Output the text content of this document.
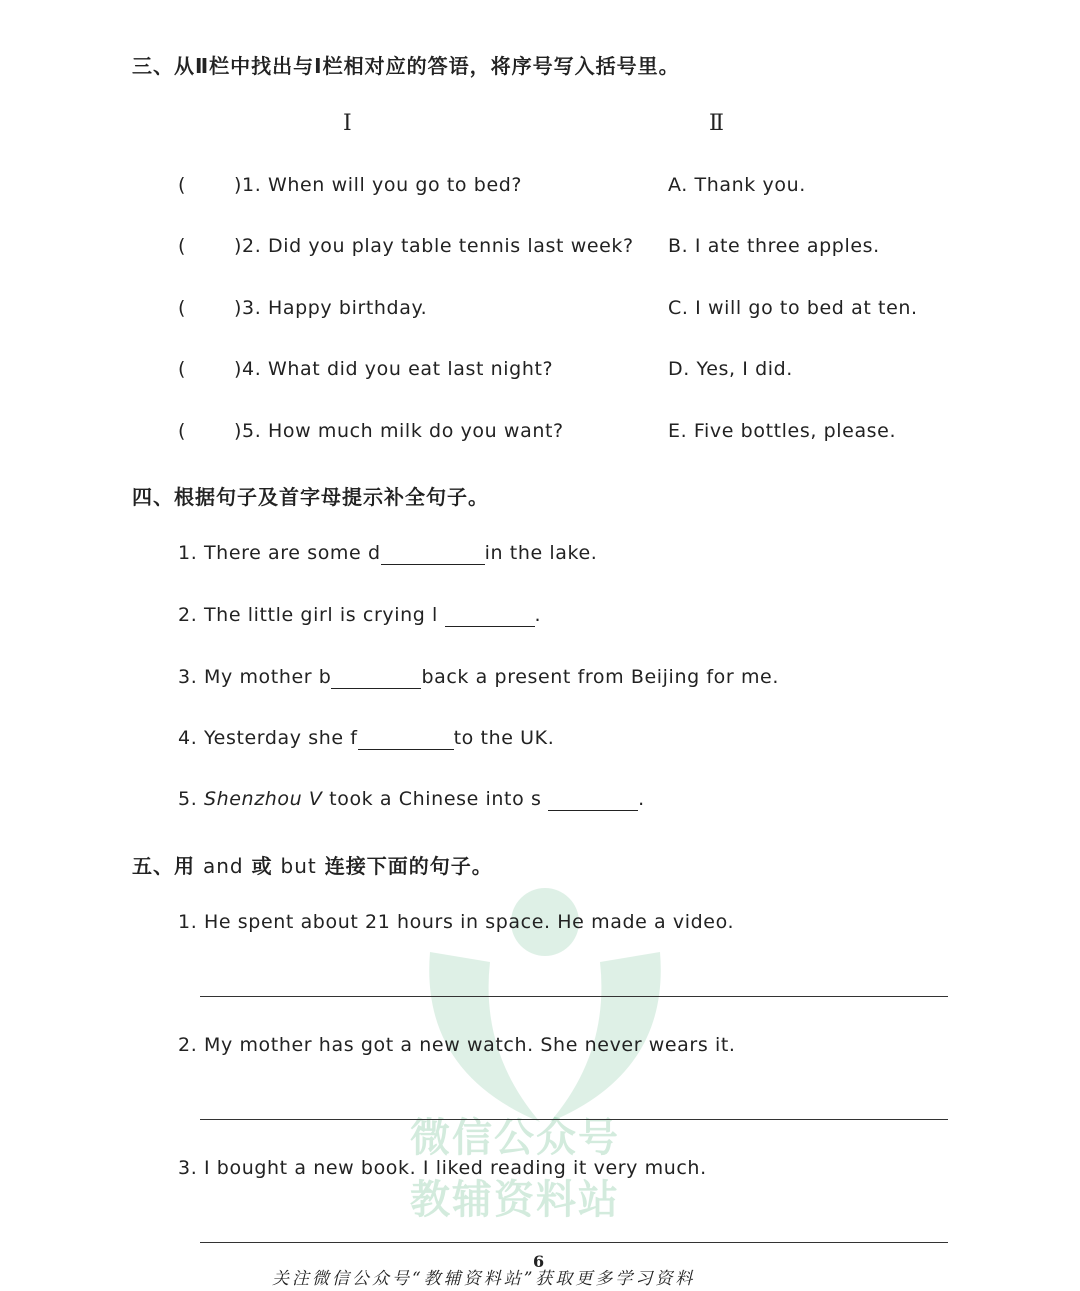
微信公众号
教辅资料站
三、从Ⅱ栏中找出与Ⅰ栏相对应的答语，将序号写入括号里。
Ⅰ	Ⅱ
(	)1. When will you go to bed?	A. Thank you.
(	)2. Did you play table tennis last week? B. I ate three apples.
(	)3. Happy birthday.	C. I will go to bed at ten.
(	)4. What did you eat last night?	D. Yes, I did.
(	)5. How much milk do you want?	E. Five bottles, please.
四、根据句子及首字母提示补全句子。
1. There are some d	in the lake.
2. The little girl is crying l	.
3. My mother b	back a present from Beijing for me.
4. Yesterday she f	to the UK.
5. Shenzhou V took a Chinese into s	.
五、用 and 或 but 连接下面的句子。
1. He spent about 21 hours in space. He made a video.
2. My mother has got a new watch. She never wears it.
3. I bought a new book. I liked reading it very much.
6
关注微信公众号“教辅资料站”获取更多学习资料
